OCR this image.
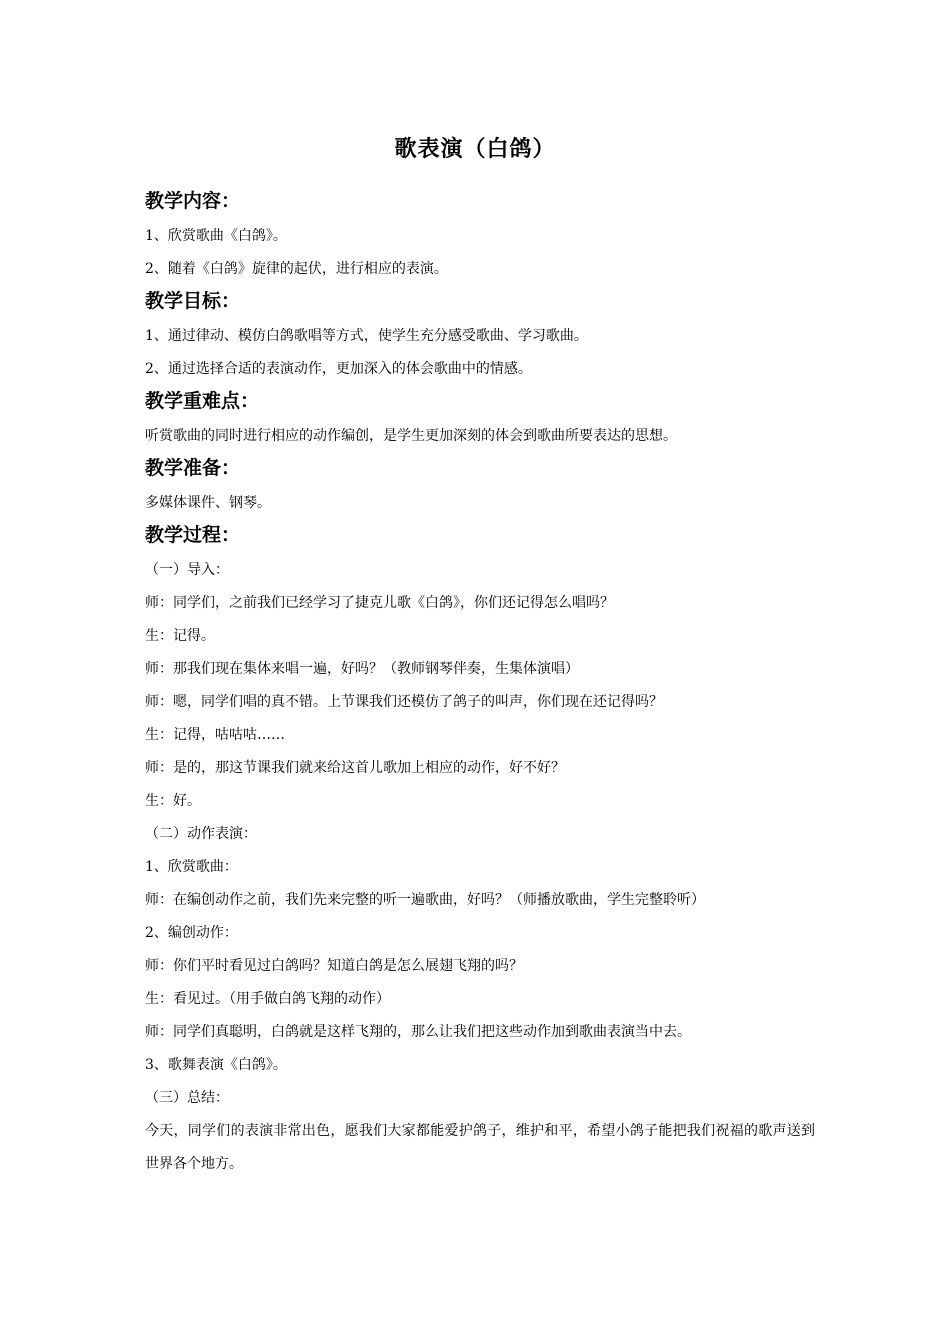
歌表演（白鸽）
教学内容：
1、欣赏歌曲《白鸽》。
2、随着《白鸽》旋律的起伏，进行相应的表演。
教学目标：
1、通过律动、模仿白鸽歌唱等方式，使学生充分感受歌曲、学习歌曲。
2、通过选择合适的表演动作，更加深入的体会歌曲中的情感。
教学重难点：
听赏歌曲的同时进行相应的动作编创，是学生更加深刻的体会到歌曲所要表达的思想。
教学准备：
多媒体课件、钢琴。
教学过程：
（一）导入：
师：同学们，之前我们已经学习了捷克儿歌《白鸽》，你们还记得怎么唱吗？
生：记得。
师：那我们现在集体来唱一遍，好吗？（教师钢琴伴奏，生集体演唱）
师：嗯，同学们唱的真不错。上节课我们还模仿了鸽子的叫声，你们现在还记得吗？
生：记得，咕咕咕……
师：是的，那这节课我们就来给这首儿歌加上相应的动作，好不好？
生：好。
（二）动作表演：
1、欣赏歌曲：
师：在编创动作之前，我们先来完整的听一遍歌曲，好吗？（师播放歌曲，学生完整聆听）
2、编创动作：
师：你们平时看见过白鸽吗？知道白鸽是怎么展翅飞翔的吗？
生：看见过。（用手做白鸽飞翔的动作）
师：同学们真聪明，白鸽就是这样飞翔的，那么让我们把这些动作加到歌曲表演当中去。
3、歌舞表演《白鸽》。
（三）总结：
今天，同学们的表演非常出色，愿我们大家都能爱护鸽子，维护和平，希望小鸽子能把我们祝福的歌声送到世界各个地方。
